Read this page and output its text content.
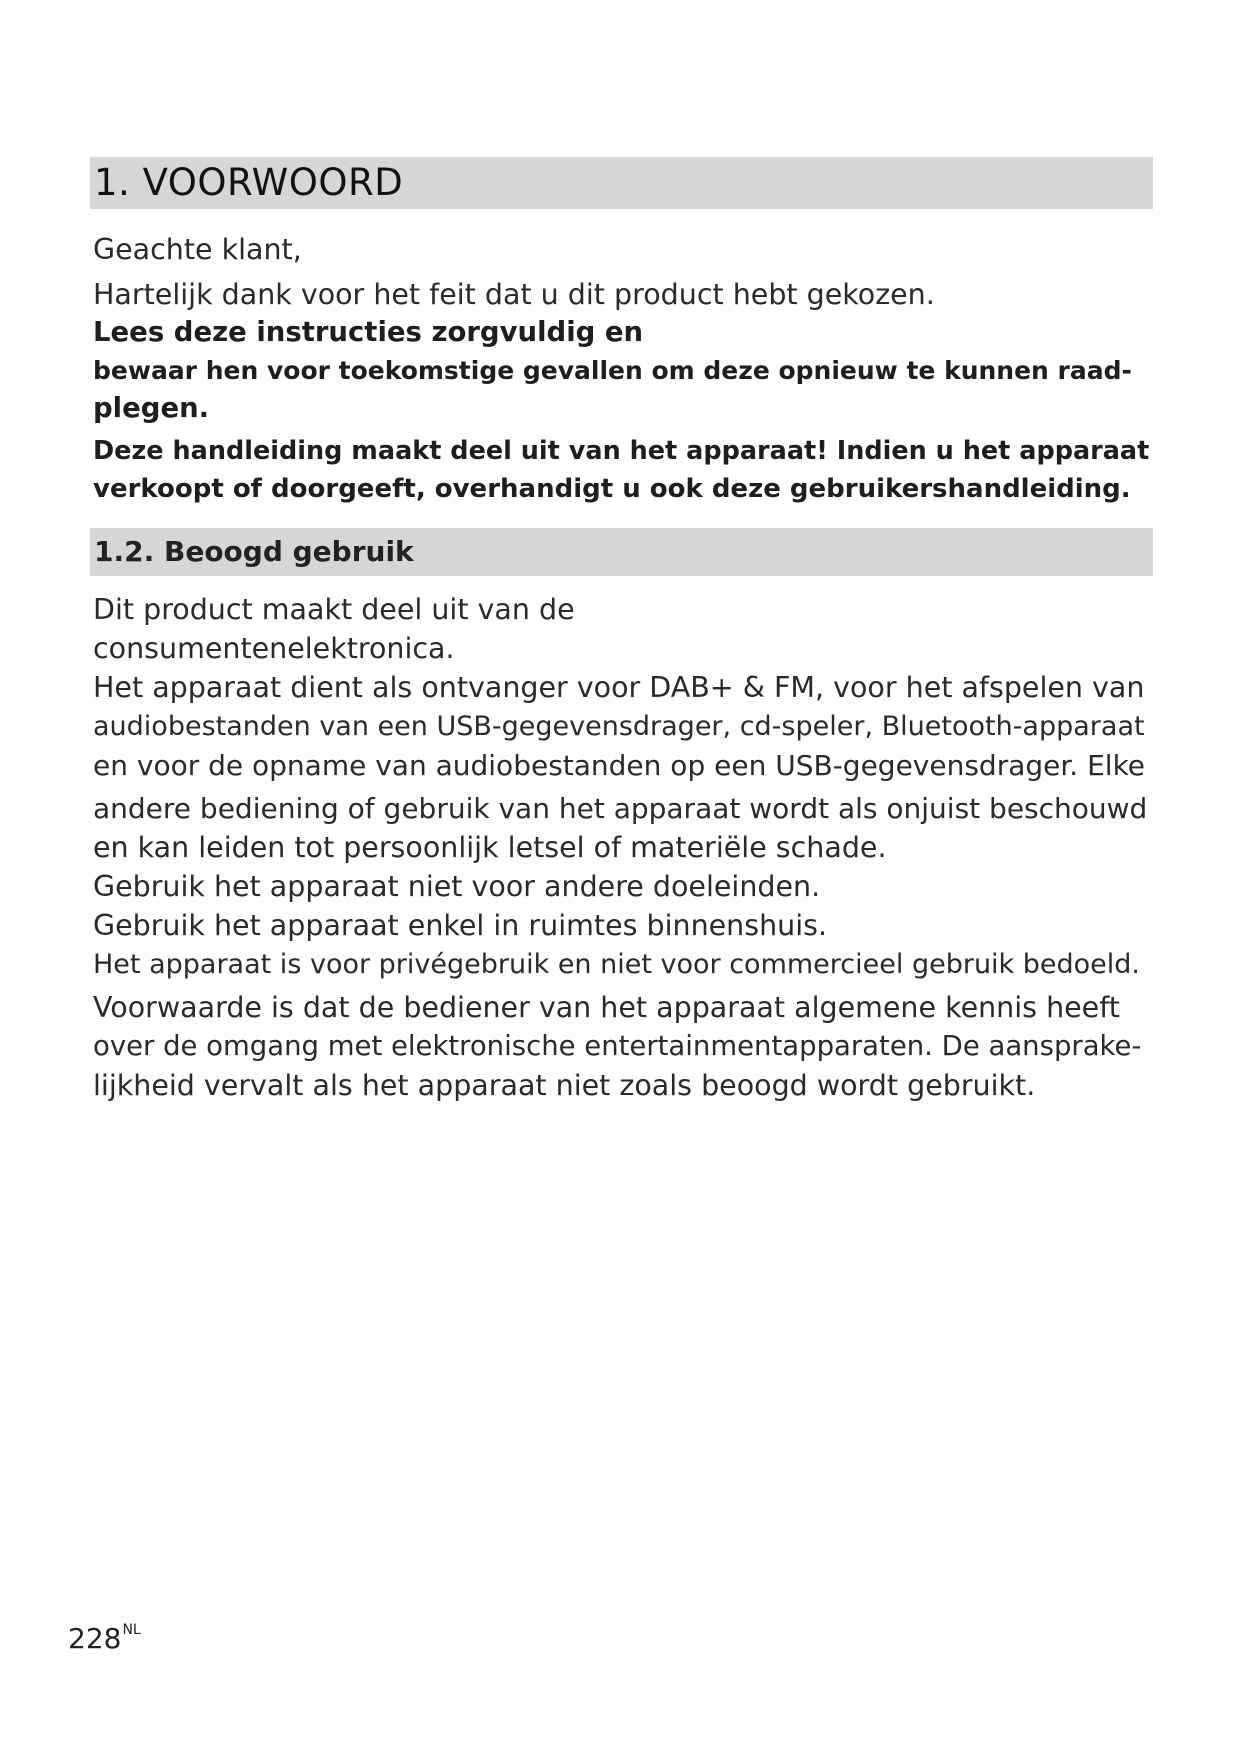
1. VOORWOORD
Geachte klant,
Hartelijk dank voor het feit dat u dit product hebt gekozen.
Lees deze instructies zorgvuldig en
bewaar hen voor toekomstige gevallen om deze opnieuw te kunnen raad-
plegen.
Deze handleiding maakt deel uit van het apparaat! Indien u het apparaat
verkoopt of doorgeeft, overhandigt u ook deze gebruikershandleiding.
1.2. Beoogd gebruik
Dit product maakt deel uit van de
consumentenelektronica.
Het apparaat dient als ontvanger voor DAB+ & FM, voor het afspelen van
audiobestanden van een USB-gegevensdrager, cd-speler, Bluetooth-apparaat
en voor de opname van audiobestanden op een USB-gegevensdrager. Elke
andere bediening of gebruik van het apparaat wordt als onjuist beschouwd
en kan leiden tot persoonlijk letsel of materiële schade.
Gebruik het apparaat niet voor andere doeleinden.
Gebruik het apparaat enkel in ruimtes binnenshuis.
Het apparaat is voor privégebruik en niet voor commercieel gebruik bedoeld.
Voorwaarde is dat de bediener van het apparaat algemene kennis heeft
over de omgang met elektronische entertainmentapparaten. De aansprake-
lijkheid vervalt als het apparaat niet zoals beoogd wordt gebruikt.
$228^{NL}$
